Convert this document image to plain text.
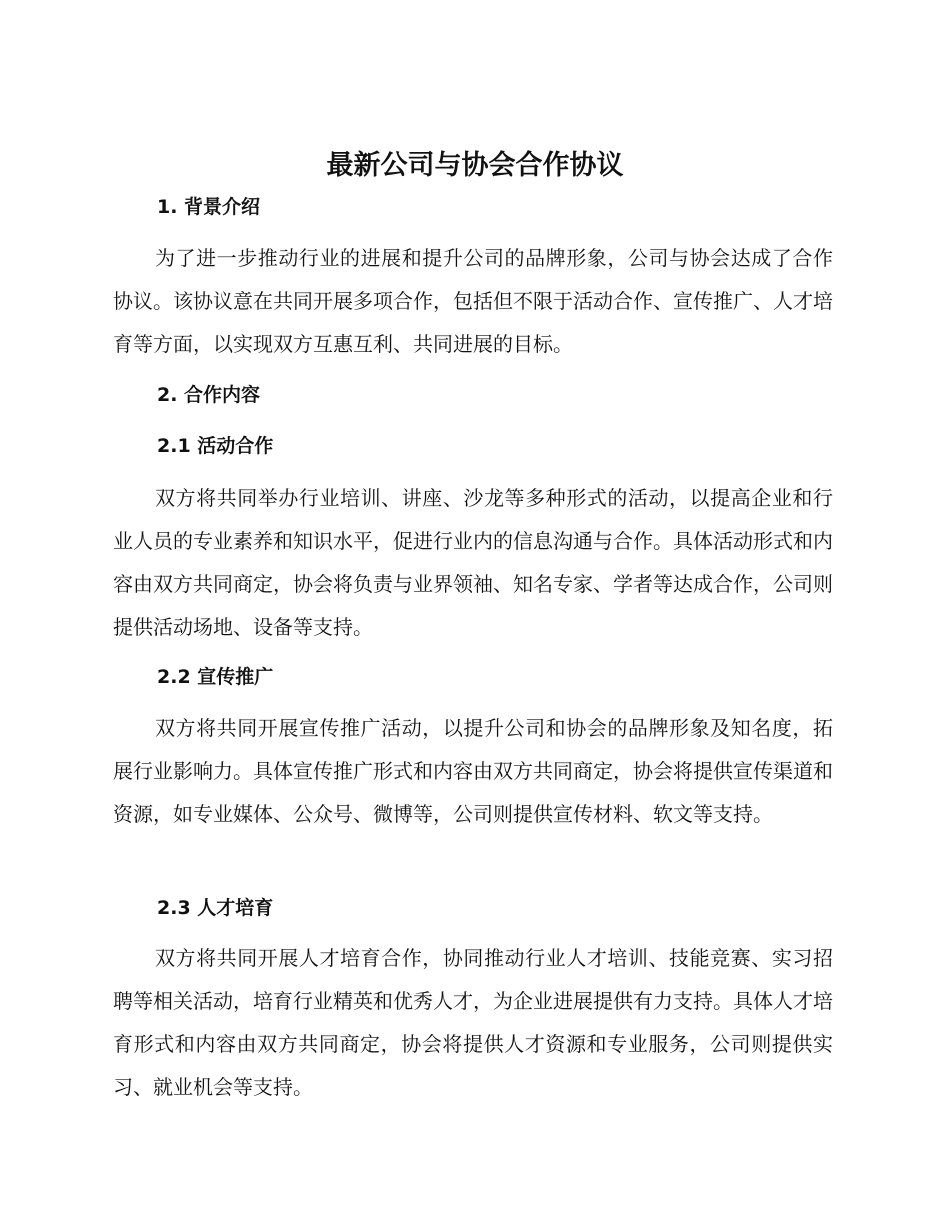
最新公司与协会合作协议
1. 背景介绍

为了进一步推动行业的进展和提升公司的品牌形象，公司与协会达成了合作协议。该协议意在共同开展多项合作，包括但不限于活动合作、宣传推广、人才培育等方面，以实现双方互惠互利、共同进展的目标。

2. 合作内容
2.1 活动合作

双方将共同举办行业培训、讲座、沙龙等多种形式的活动，以提高企业和行业人员的专业素养和知识水平，促进行业内的信息沟通与合作。具体活动形式和内容由双方共同商定，协会将负责与业界领袖、知名专家、学者等达成合作，公司则提供活动场地、设备等支持。

2.2 宣传推广

双方将共同开展宣传推广活动，以提升公司和协会的品牌形象及知名度，拓展行业影响力。具体宣传推广形式和内容由双方共同商定，协会将提供宣传渠道和资源，如专业媒体、公众号、微博等，公司则提供宣传材料、软文等支持。

2.3 人才培育

双方将共同开展人才培育合作，协同推动行业人才培训、技能竞赛、实习招聘等相关活动，培育行业精英和优秀人才，为企业进展提供有力支持。具体人才培育形式和内容由双方共同商定，协会将提供人才资源和专业服务，公司则提供实习、就业机会等支持。
